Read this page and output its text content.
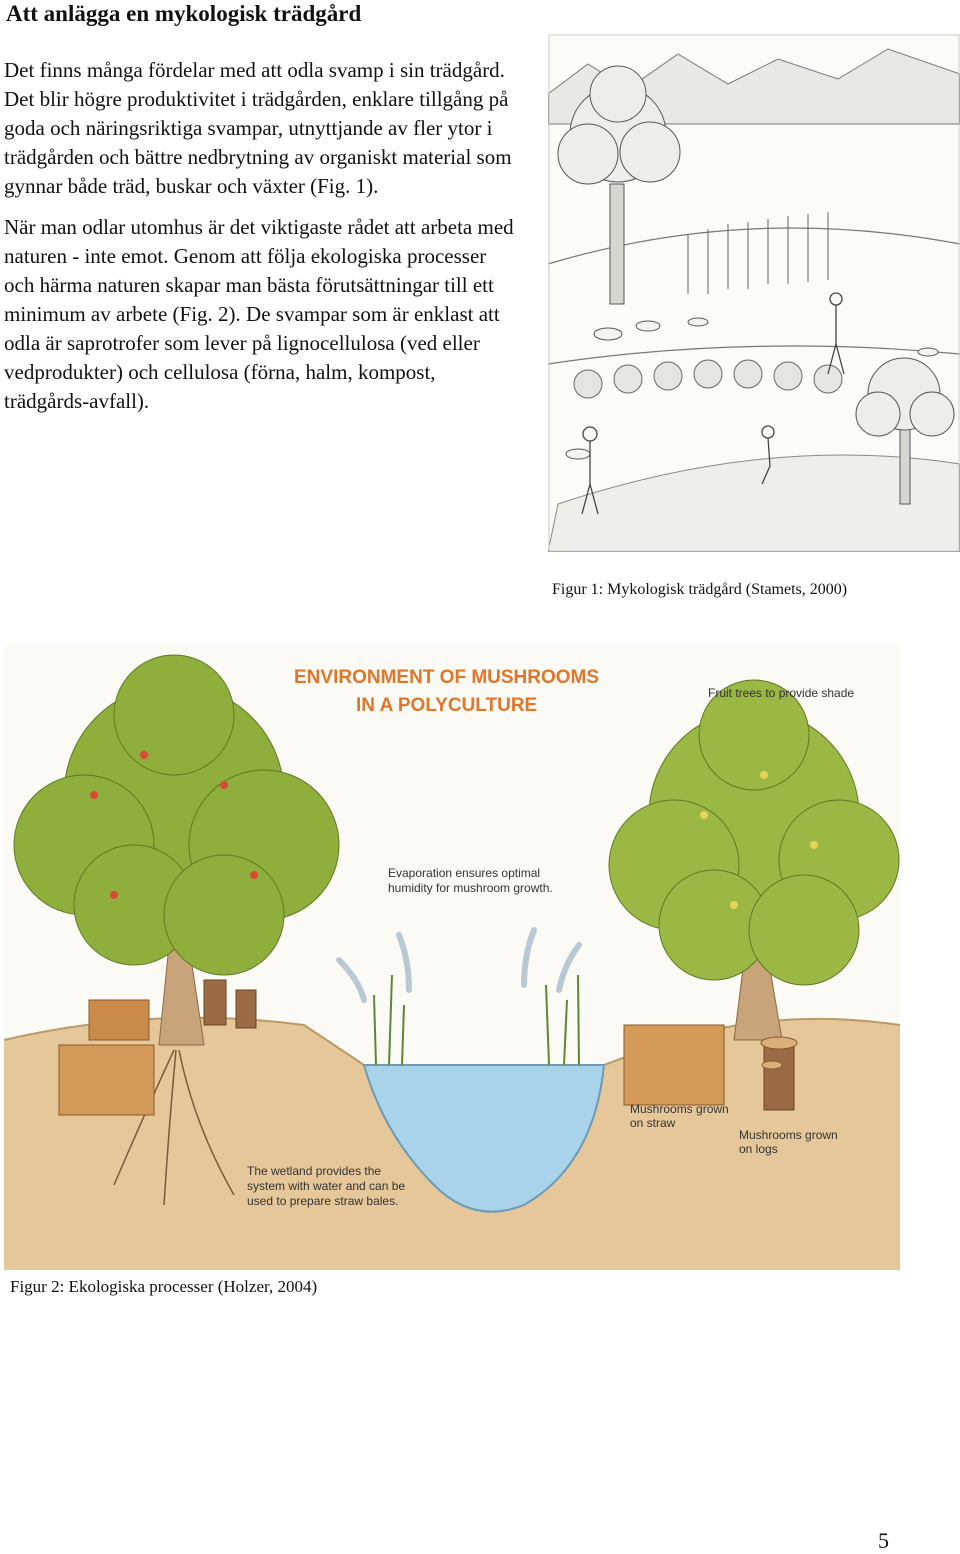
Att anlägga en mykologisk trädgård

Det finns många fördelar med att odla svamp i sin trädgård. Det blir högre produktivitet i trädgården, enklare tillgång på goda och näringsriktiga svampar, utnyttjande av fler ytor i trädgården och bättre nedbrytning av organiskt material som gynnar både träd, buskar och växter (Fig. 1).

När man odlar utomhus är det viktigaste rådet att arbeta med naturen - inte emot. Genom att följa ekologiska processer och härma naturen skapar man bästa förutsättningar till ett minimum av arbete (Fig. 2). De svampar som är enklast att odla är saprotrofer som lever på lignocellulosa (ved eller vedprodukter) och cellulosa (förna, halm, kompost, trädgårds-avfall).

Figur 1: Mykologisk trädgård (Stamets, 2000)
ENVIRONMENT OF MUSHROOMS
IN A POLYCULTURE
Fruit trees to provide shade
Evaporation ensures optimal
humidity for mushroom growth.
Mushrooms grown
on straw
Mushrooms grown
on logs
The wetland provides the
system with water and can be
used to prepare straw bales.
Figur 2: Ekologiska processer (Holzer, 2004)
5
